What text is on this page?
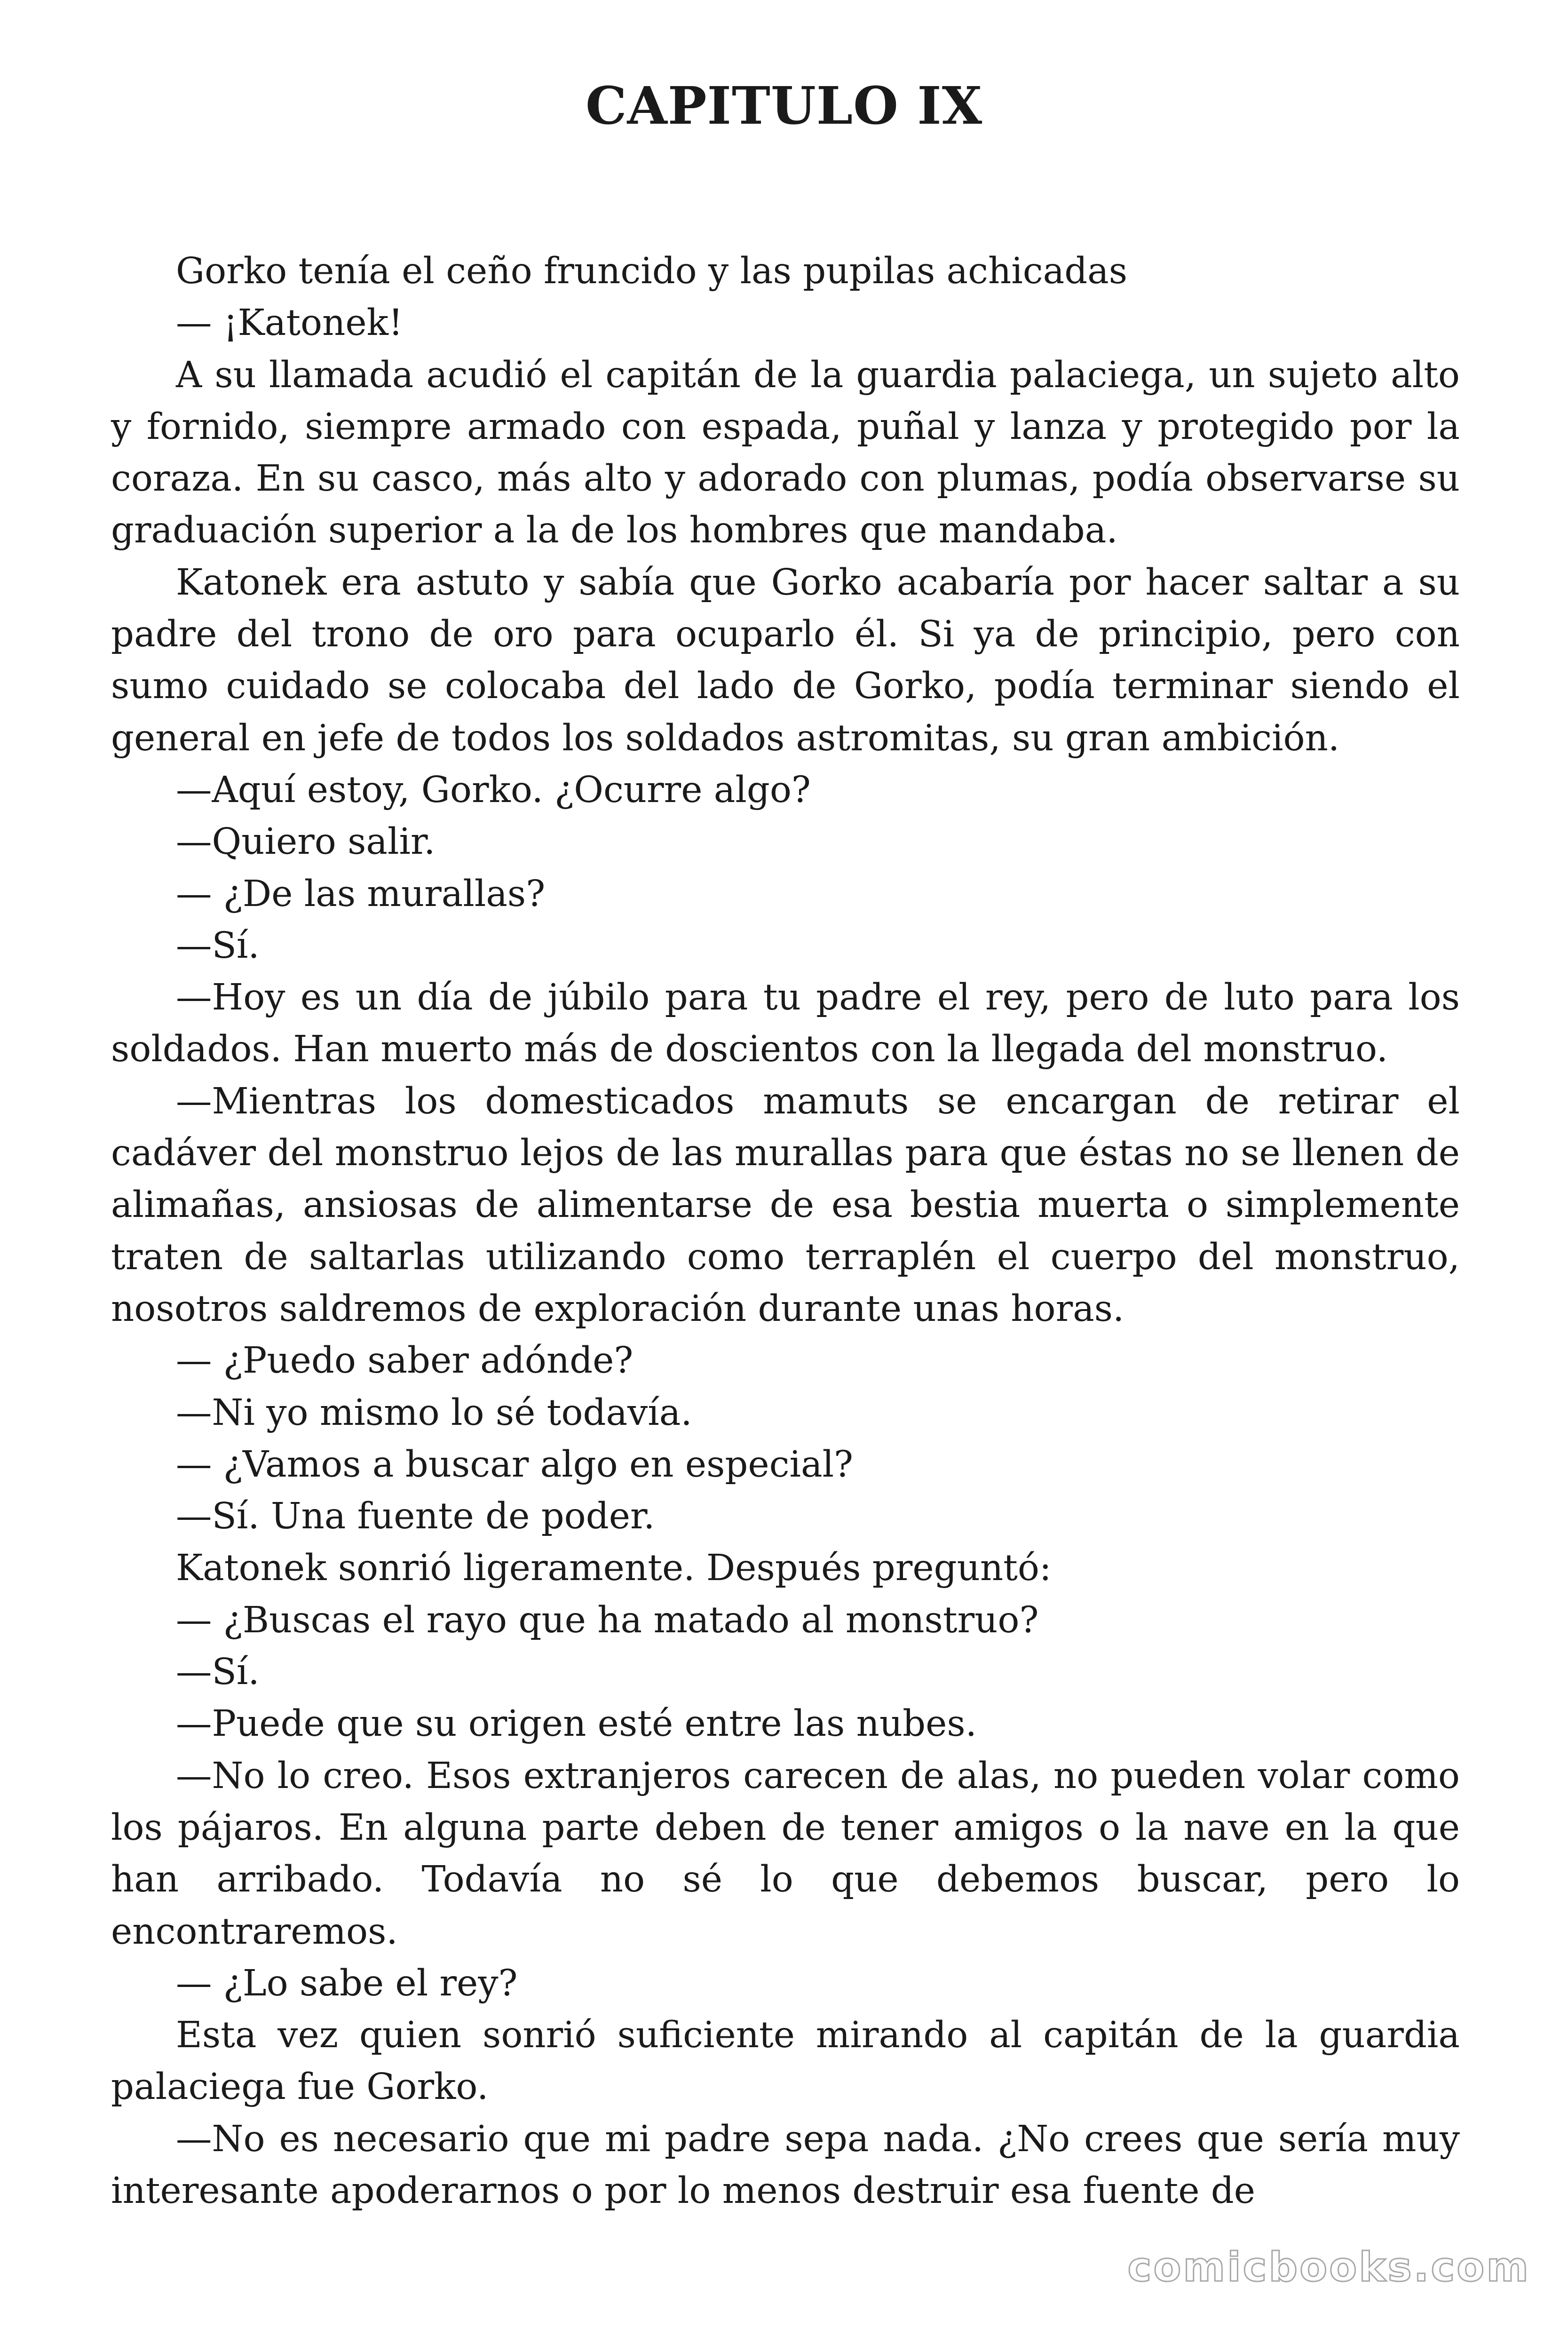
CAPITULO IX

Gorko tenía el ceño fruncido y las pupilas achicadas

— ¡Katonek!

A su llamada acudió el capitán de la guardia palaciega, un sujeto alto y fornido, siempre armado con espada, puñal y lanza y protegido por la coraza. En su casco, más alto y adorado con plumas, podía observarse su graduación superior a la de los hombres que mandaba.

Katonek era astuto y sabía que Gorko acabaría por hacer saltar a su padre del trono de oro para ocuparlo él. Si ya de principio, pero con sumo cuidado se colocaba del lado de Gorko, podía terminar siendo el general en jefe de todos los soldados astromitas, su gran ambición.

—Aquí estoy, Gorko. ¿Ocurre algo?

—Quiero salir.

— ¿De las murallas?

—Sí.

—Hoy es un día de júbilo para tu padre el rey, pero de luto para los soldados. Han muerto más de doscientos con la llegada del monstruo.

—Mientras los domesticados mamuts se encargan de retirar el cadáver del monstruo lejos de las murallas para que éstas no se llenen de alimañas, ansiosas de alimentarse de esa bestia muerta o simplemente traten de saltarlas utilizando como terraplén el cuerpo del monstruo, nosotros saldremos de exploración durante unas horas.

— ¿Puedo saber adónde?

—Ni yo mismo lo sé todavía.

— ¿Vamos a buscar algo en especial?

—Sí. Una fuente de poder.

Katonek sonrió ligeramente. Después preguntó:

— ¿Buscas el rayo que ha matado al monstruo?

—Sí.

—Puede que su origen esté entre las nubes.

—No lo creo. Esos extranjeros carecen de alas, no pueden volar como los pájaros. En alguna parte deben de tener amigos o la nave en la que han arribado. Todavía no sé lo que debemos buscar, pero lo encontraremos.

— ¿Lo sabe el rey?

Esta vez quien sonrió suficiente mirando al capitán de la guardia palaciega fue Gorko.

—No es necesario que mi padre sepa nada. ¿No crees que sería muy interesante apoderarnos o por lo menos destruir esa fuente de

comicbooks.com
